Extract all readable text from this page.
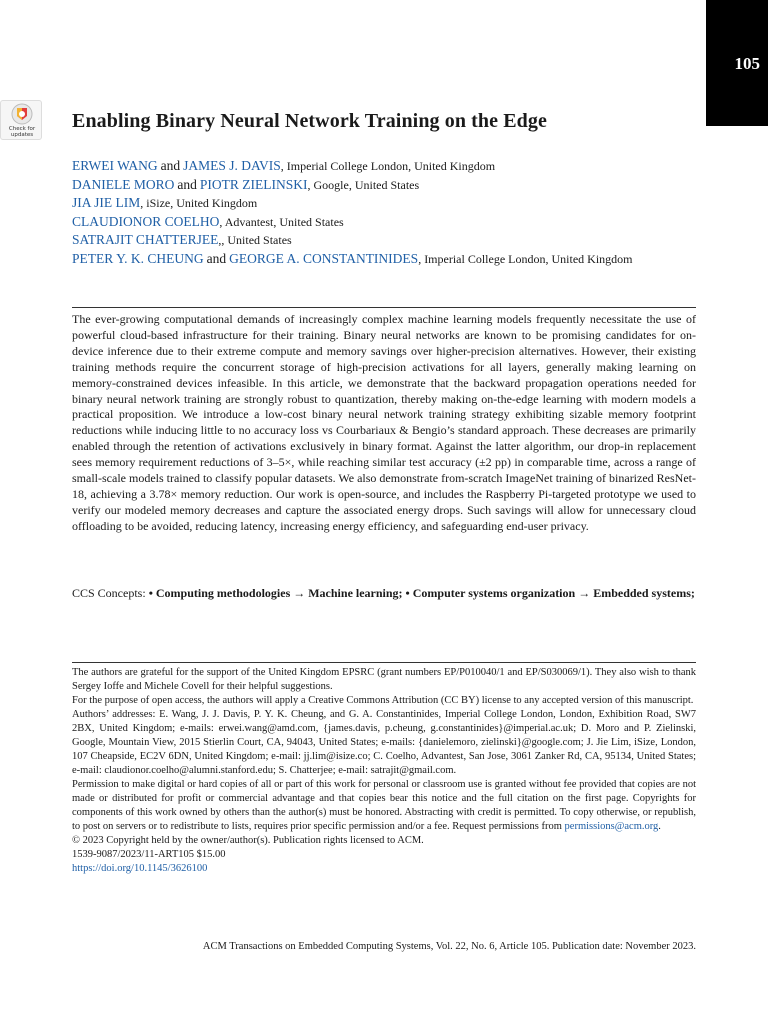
105
Check for
updates
Enabling Binary Neural Network Training on the Edge

ERWEI WANG and JAMES J. DAVIS, Imperial College London, United Kingdom

DANIELE MORO and PIOTR ZIELINSKI, Google, United States

JIA JIE LIM, iSize, United Kingdom

CLAUDIONOR COELHO, Advantest, United States

SATRAJIT CHATTERJEE,, United States

PETER Y. K. CHEUNG and GEORGE A. CONSTANTINIDES, Imperial College London, United Kingdom

The ever-growing computational demands of increasingly complex machine learning models frequently necessitate the use of powerful cloud-based infrastructure for their training. Binary neural networks are known to be promising candidates for on-device inference due to their extreme compute and memory savings over higher-precision alternatives. However, their existing training methods require the concurrent storage of high-precision activations for all layers, generally making learning on memory-constrained devices infeasible. In this article, we demonstrate that the backward propagation operations needed for binary neural network training are strongly robust to quantization, thereby making on-the-edge learning with modern models a practical proposition. We introduce a low-cost binary neural network training strategy exhibiting sizable memory footprint reductions while inducing little to no accuracy loss vs Courbariaux & Bengio’s standard approach. These decreases are primarily enabled through the retention of activations exclusively in binary format. Against the latter algorithm, our drop-in replacement sees memory requirement reductions of 3–5×, while reaching similar test accuracy (±2 pp) in comparable time, across a range of small-scale models trained to classify popular datasets. We also demonstrate from-scratch ImageNet training of binarized ResNet-18, achieving a 3.78× memory reduction. Our work is open-source, and includes the Raspberry Pi-targeted prototype we used to verify our modeled memory decreases and capture the associated energy drops. Such savings will allow for unnecessary cloud offloading to be avoided, reducing latency, increasing energy efficiency, and safeguarding end-user privacy.

CCS Concepts: • Computing methodologies → Machine learning; • Computer systems organization → Embedded systems;

The authors are grateful for the support of the United Kingdom EPSRC (grant numbers EP/P010040/1 and EP/S030069/1). They also wish to thank Sergey Ioffe and Michele Covell for their helpful suggestions.

For the purpose of open access, the authors will apply a Creative Commons Attribution (CC BY) license to any accepted version of this manuscript.

Authors’ addresses: E. Wang, J. J. Davis, P. Y. K. Cheung, and G. A. Constantinides, Imperial College London, London, Exhibition Road, SW7 2BX, United Kingdom; e-mails: erwei.wang@amd.com, {james.davis, p.cheung, g.constantinides}@imperial.ac.uk; D. Moro and P. Zielinski, Google, Mountain View, 2015 Stierlin Court, CA, 94043, United States; e-mails: {danielemoro, zielinski}@google.com; J. Jie Lim, iSize, London, 107 Cheapside, EC2V 6DN, United Kingdom; e-mail: jj.lim@isize.co; C. Coelho, Advantest, San Jose, 3061 Zanker Rd, CA, 95134, United States; e-mail: claudionor.coelho@alumni.stanford.edu; S. Chatterjee; e-mail: satrajit@gmail.com.

Permission to make digital or hard copies of all or part of this work for personal or classroom use is granted without fee provided that copies are not made or distributed for profit or commercial advantage and that copies bear this notice and the full citation on the first page. Copyrights for components of this work owned by others than the author(s) must be honored. Abstracting with credit is permitted. To copy otherwise, or republish, to post on servers or to redistribute to lists, requires prior specific permission and/or a fee. Request permissions from permissions@acm.org.

© 2023 Copyright held by the owner/author(s). Publication rights licensed to ACM.

1539-9087/2023/11-ART105 $15.00

https://doi.org/10.1145/3626100

ACM Transactions on Embedded Computing Systems, Vol. 22, No. 6, Article 105. Publication date: November 2023.
